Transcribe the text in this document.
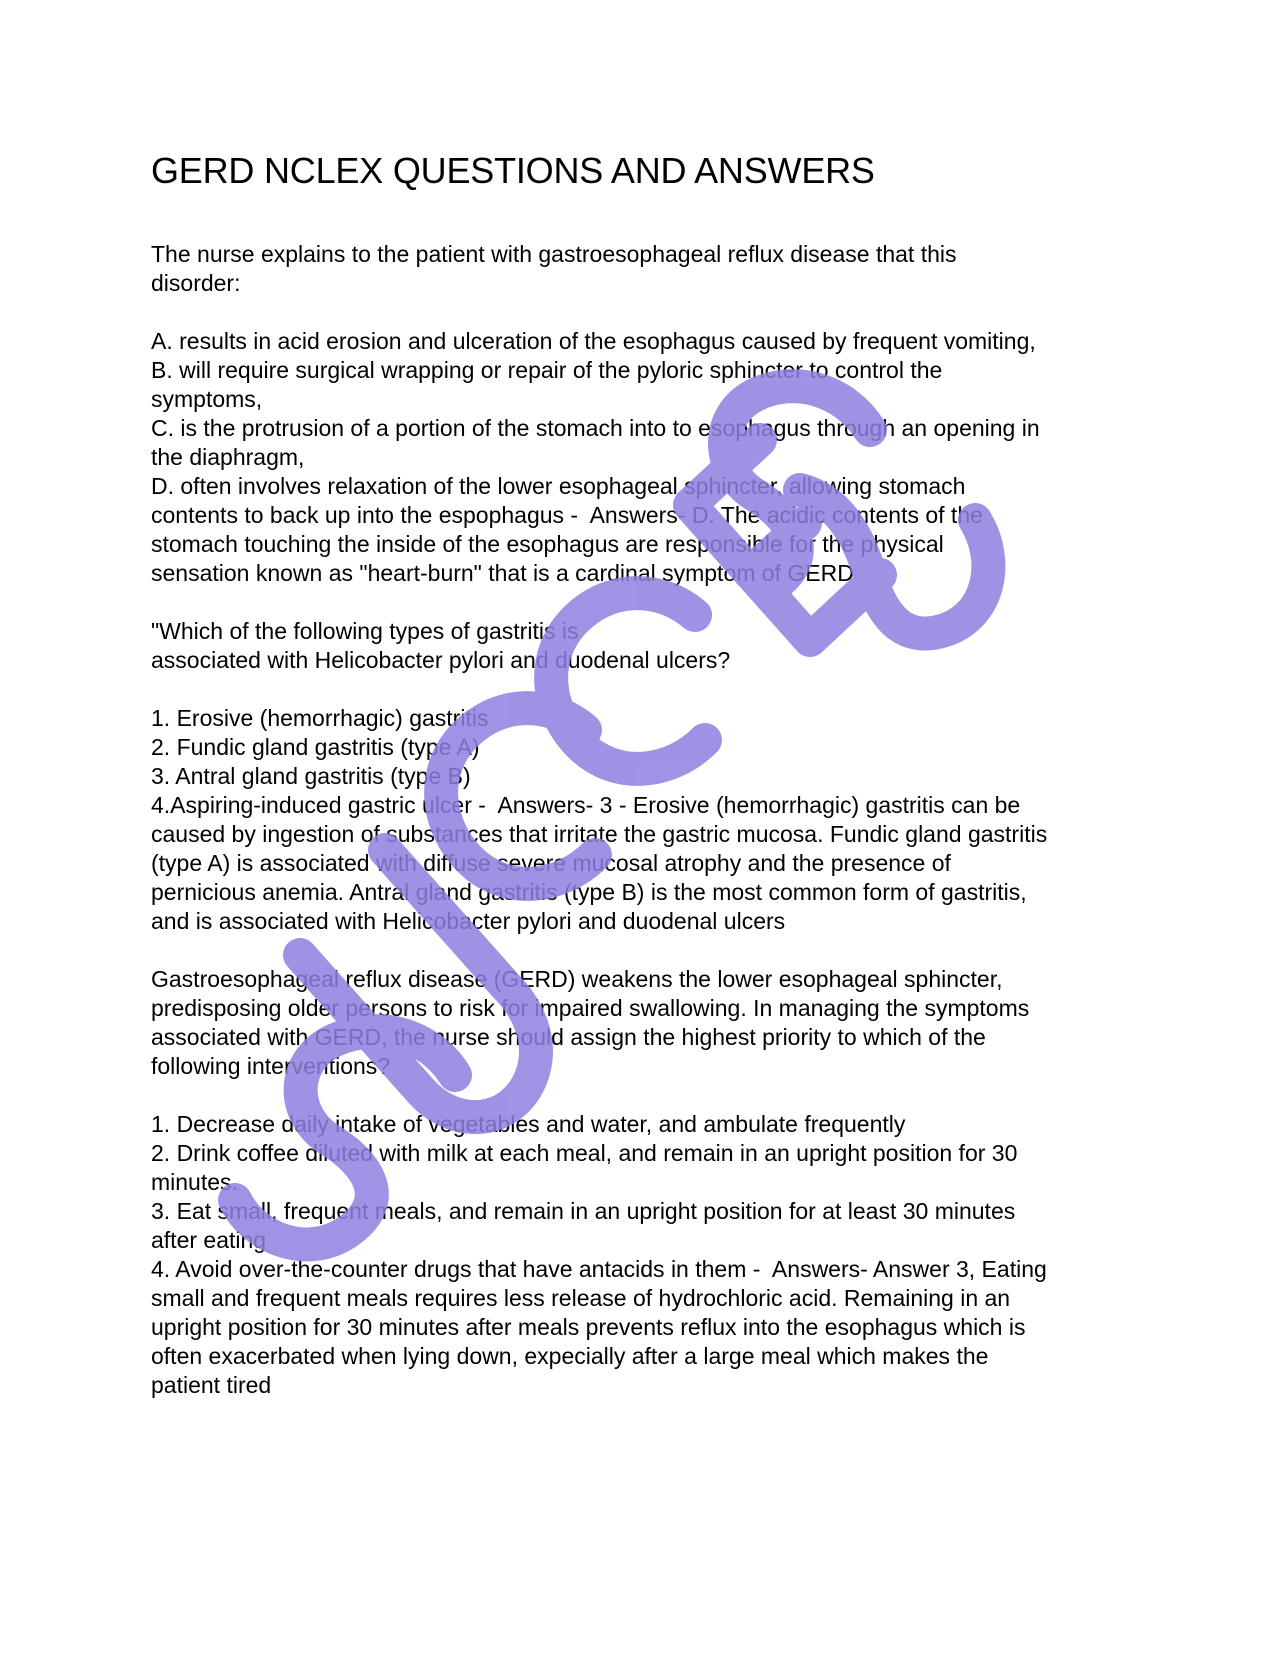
GERD NCLEX QUESTIONS AND ANSWERS
The nurse explains to the patient with gastroesophageal reflux disease that this
disorder:
A. results in acid erosion and ulceration of the esophagus caused by frequent vomiting,
B. will require surgical wrapping or repair of the pyloric sphincter to control the
symptoms,
C. is the protrusion of a portion of the stomach into to esophagus through an opening in
the diaphragm,
D. often involves relaxation of the lower esophageal sphincter, allowing stomach
contents to back up into the espophagus -  Answers- D. The acidic contents of the
stomach touching the inside of the esophagus are responsible for the physical
sensation known as "heart-burn" that is a cardinal symptom of GERD
"Which of the following types of gastritis is
associated with Helicobacter pylori and duodenal ulcers?
1. Erosive (hemorrhagic) gastritis
2. Fundic gland gastritis (type A)
3. Antral gland gastritis (type B)
4.Aspiring-induced gastric ulcer -  Answers- 3 - Erosive (hemorrhagic) gastritis can be
caused by ingestion of substances that irritate the gastric mucosa. Fundic gland gastritis
(type A) is associated with diffuse severe mucosal atrophy and the presence of
pernicious anemia. Antral gland gastritis (type B) is the most common form of gastritis,
and is associated with Helicobacter pylori and duodenal ulcers
Gastroesophageal reflux disease (GERD) weakens the lower esophageal sphincter,
predisposing older persons to risk for impaired swallowing. In managing the symptoms
associated with GERD, the nurse should assign the highest priority to which of the
following interventions?
1. Decrease daily intake of vegetables and water, and ambulate frequently
2. Drink coffee diluted with milk at each meal, and remain in an upright position for 30
minutes.
3. Eat small, frequent meals, and remain in an upright position for at least 30 minutes
after eating
4. Avoid over-the-counter drugs that have antacids in them -  Answers- Answer 3, Eating
small and frequent meals requires less release of hydrochloric acid. Remaining in an
upright position for 30 minutes after meals prevents reflux into the esophagus which is
often exacerbated when lying down, expecially after a large meal which makes the
patient tired
